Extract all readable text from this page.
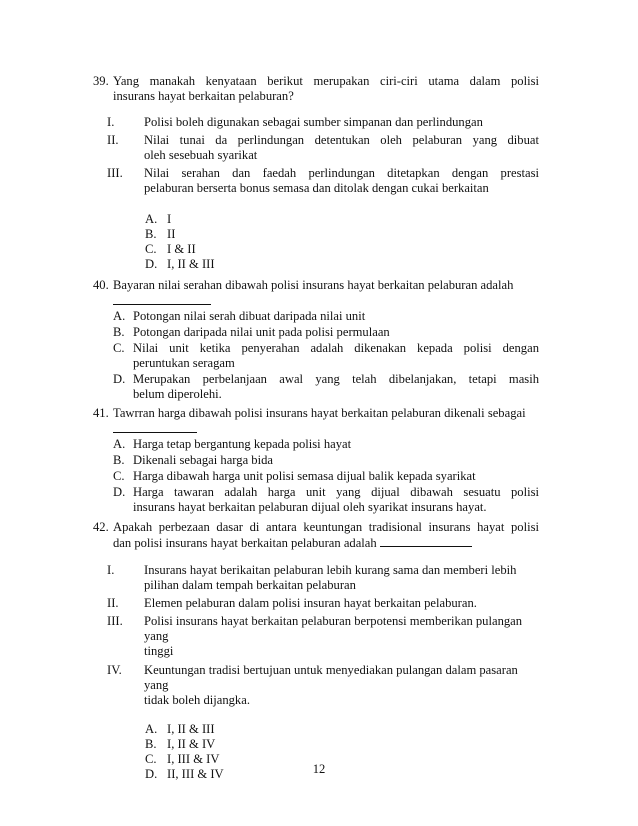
39. Yang manakah kenyataan berikut merupakan ciri-ciri utama dalam polisi
insurans hayat berkaitan pelaburan?
I.	Polisi boleh digunakan sebagai sumber simpanan dan perlindungan
II.	Nilai tunai da perlindungan detentukan oleh pelaburan yang dibuat
oleh sesebuah syarikat
III.	Nilai serahan dan faedah perlindungan ditetapkan dengan prestasi
pelaburan berserta bonus semasa dan ditolak dengan cukai berkaitan
A. I
B. II
C. I & II
D. I, II & III
40. Bayaran nilai serahan dibawah polisi insurans hayat berkaitan pelaburan adalah
A. Potongan nilai serah dibuat daripada nilai unit
B. Potongan daripada nilai unit pada polisi permulaan
C. Nilai unit ketika penyerahan adalah dikenakan kepada polisi dengan
peruntukan seragam
D. Merupakan perbelanjaan awal yang telah dibelanjakan, tetapi masih
belum diperolehi.
41. Tawrran harga dibawah polisi insurans hayat berkaitan pelaburan dikenali sebagai
A. Harga tetap bergantung kepada polisi hayat
B. Dikenali sebagai harga bida
C. Harga dibawah harga unit polisi semasa dijual balik kepada syarikat
D. Harga tawaran adalah harga unit yang dijual dibawah sesuatu polisi
insurans hayat berkaitan pelaburan dijual oleh syarikat insurans hayat.
42. Apakah perbezaan dasar di antara keuntungan tradisional insurans hayat polisi
dan polisi insurans hayat berkaitan pelaburan adalah
I.	Insurans hayat berikaitan pelaburan lebih kurang sama dan memberi lebih
pilihan dalam tempah berkaitan pelaburan
II.	Elemen pelaburan dalam polisi insuran hayat berkaitan pelaburan.
III.	Polisi insurans hayat berkaitan pelaburan berpotensi memberikan pulangan yang
tinggi
IV.	Keuntungan tradisi bertujuan untuk menyediakan pulangan dalam pasaran yang
tidak boleh dijangka.
A. I, II & III
B. I, II & IV
C. I, III & IV
D. II, III & IV	12
